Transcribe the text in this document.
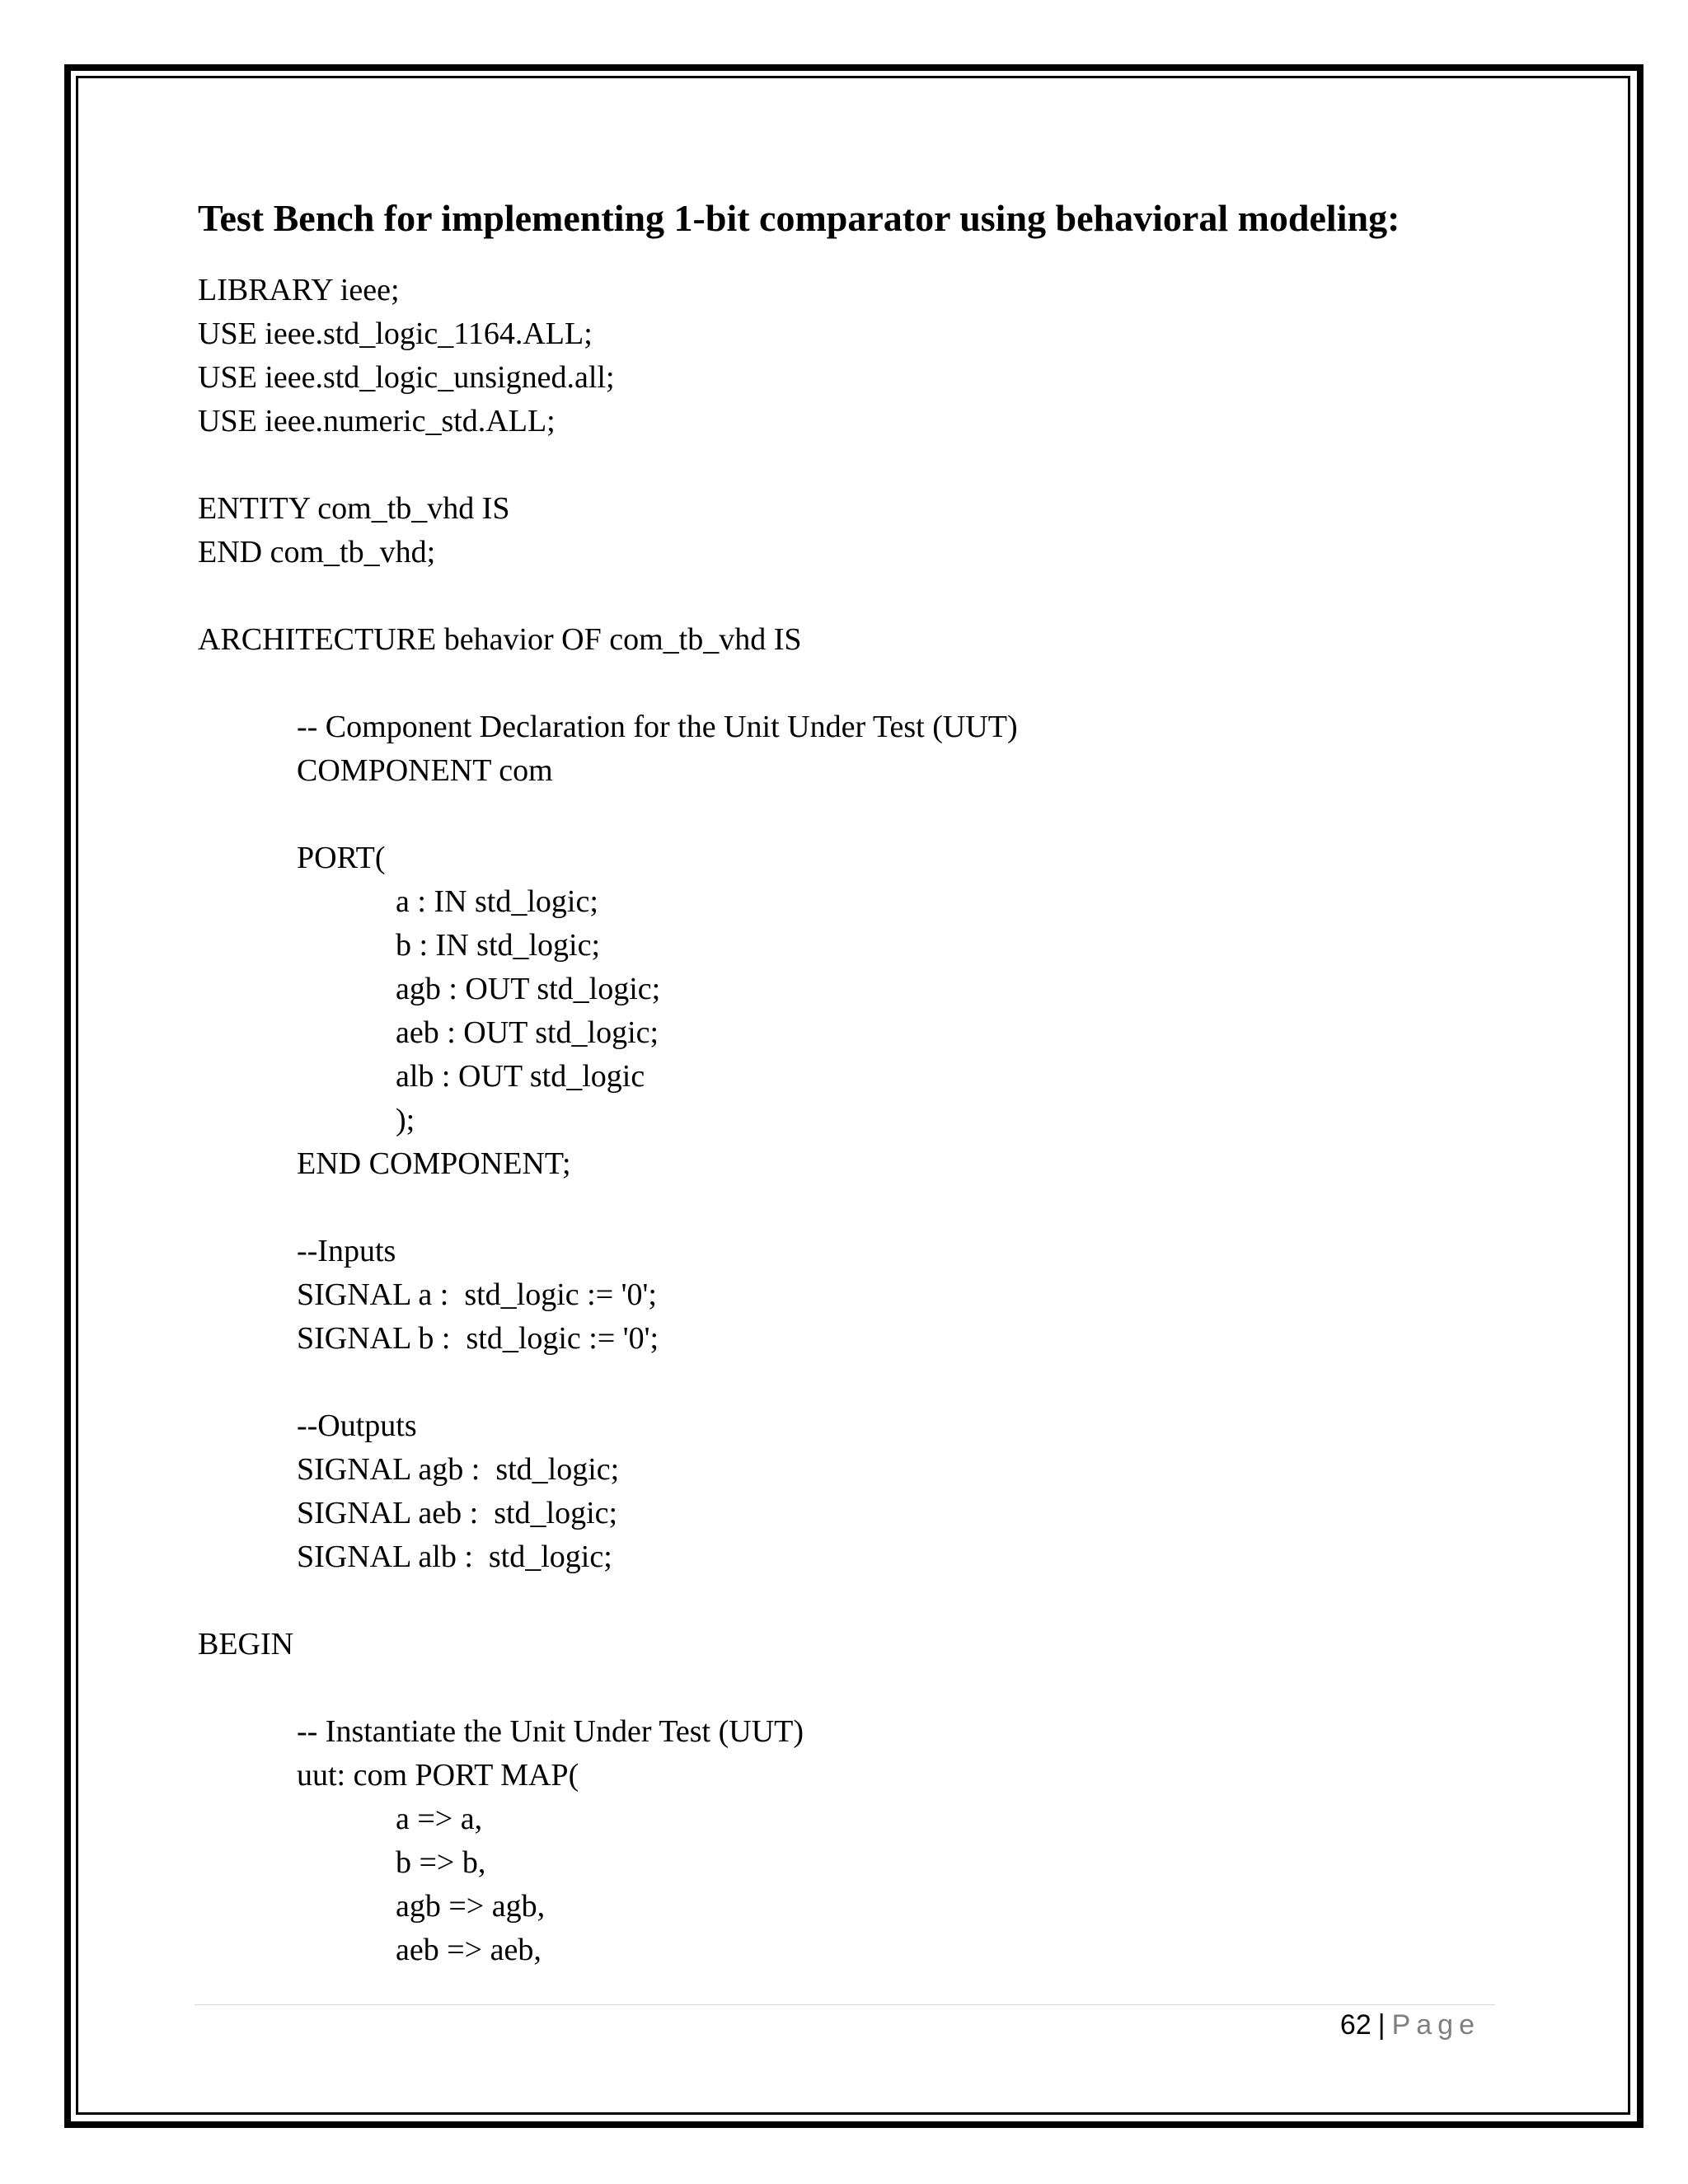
Test Bench for implementing 1-bit comparator using behavioral modeling:
LIBRARY ieee;
USE ieee.std_logic_1164.ALL;
USE ieee.std_logic_unsigned.all;
USE ieee.numeric_std.ALL;
ENTITY com_tb_vhd IS
END com_tb_vhd;
ARCHITECTURE behavior OF com_tb_vhd IS
-- Component Declaration for the Unit Under Test (UUT)
COMPONENT com
PORT(
a : IN std_logic;
b : IN std_logic;
agb : OUT std_logic;
aeb : OUT std_logic;
alb : OUT std_logic
);
END COMPONENT;
--Inputs
SIGNAL a :  std_logic := '0';
SIGNAL b :  std_logic := '0';
--Outputs
SIGNAL agb :  std_logic;
SIGNAL aeb :  std_logic;
SIGNAL alb :  std_logic;
BEGIN
-- Instantiate the Unit Under Test (UUT)
uut: com PORT MAP(
a => a,
b => b,
agb => agb,
aeb => aeb,
62 | Page
